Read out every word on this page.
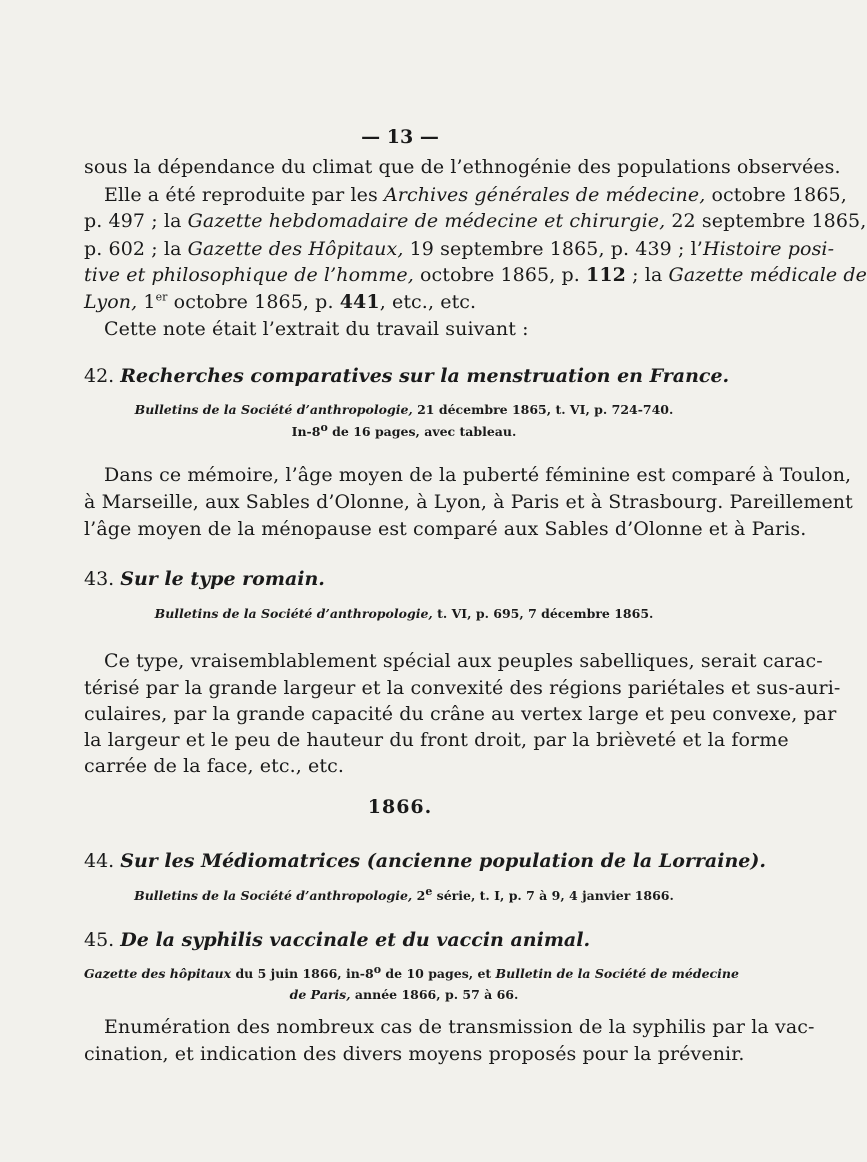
— 13 —
sous la dépendance du climat que de l’ethnogénie des populations observées.
Elle a été reproduite par les Archives générales de médecine, octobre 1865,
p. 497 ; la Gazette hebdomadaire de médecine et chirurgie, 22 septembre 1865,
p. 602 ; la Gazette des Hôpitaux, 19 septembre 1865, p. 439 ; l’Histoire posi-
tive et philosophique de l’homme, octobre 1865, p. 112 ; la Gazette médicale de
Lyon, 1er octobre 1865, p. 441, etc., etc.
Cette note était l’extrait du travail suivant :
42. Recherches comparatives sur la menstruation en France.
Bulletins de la Société d’anthropologie, 21 décembre 1865, t. VI, p. 724-740.
In-8$^o$ de 16 pages, avec tableau.
Dans ce mémoire, l’âge moyen de la puberté féminine est comparé à Toulon,
à Marseille, aux Sables d’Olonne, à Lyon, à Paris et à Strasbourg. Pareillement
l’âge moyen de la ménopause est comparé aux Sables d’Olonne et à Paris.
43. Sur le type romain.
Bulletins de la Société d’anthropologie, t. VI, p. 695, 7 décembre 1865.
Ce type, vraisemblablement spécial aux peuples sabelliques, serait carac-
térisé par la grande largeur et la convexité des régions pariétales et sus-auri-
culaires, par la grande capacité du crâne au vertex large et peu convexe, par
la largeur et le peu de hauteur du front droit, par la brièveté et la forme
carrée de la face, etc., etc.
1866.
44. Sur les Médiomatrices (ancienne population de la Lorraine).
Bulletins de la Société d’anthropologie, 2e série, t. I, p. 7 à 9, 4 janvier 1866.
45. De la syphilis vaccinale et du vaccin animal.
Gazette des hôpitaux du 5 juin 1866, in-8$^o$ de 10 pages, et Bulletin de la Société de médecine
de Paris, année 1866, p. 57 à 66.
Enumération des nombreux cas de transmission de la syphilis par la vac-
cination, et indication des divers moyens proposés pour la prévenir.
